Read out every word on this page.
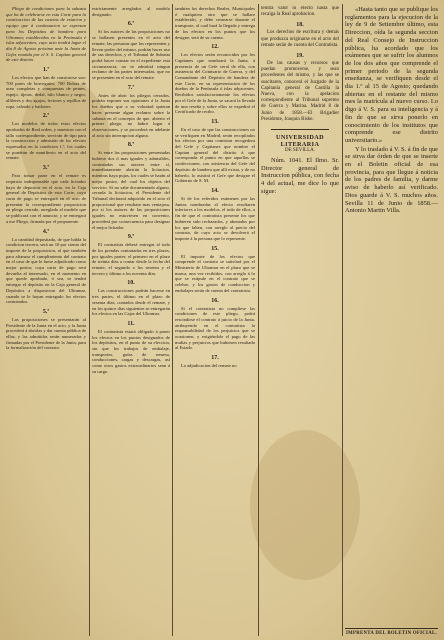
Pliego de condiciones para la subasta que ha de celebrarse en esta Corte para la construccion de las casetas de estacion y equipo que á continuacion se expresan para los Depósitos de bandera para Ultramar, establecidos en la Península é islas adyacentes, cuyo acto tendrá lugar el dia 8 de Agosto próximo ante la Junta de Gefes reunida por el S. S. Capitan general de este distrito.

1.ª

Los efectos que han de construirse son: 700 pares de borceguíes; 700 Bolsas de aseo completas y compuestas de peines, espejo, tijeras, dedal, hilo blanco y negro, alfileres y dos agujas; lectores y repillos de ropa, calzado y bailones.

2.ª

Los modelos de todos estos efectos aprobados de Real orden, y muestras con el tallo correspondiente, servirán de tipo para la construccion y admisión de los efectos expresados en la condicion 1.ª, los cuales se pondrán de manifiesto en el acto del remate.

3.ª

Para tomar parte en el remate es requisito indispensable que cada licitador haya de depositar en el acto, en la Caja general de Depósitos de esta Corte, cuyo carta de pago se entregará en el acto de presentar la correspondiente proposicion en pliego cerrado, arreglado al modelo que se publicará con el anuncio; y se entregará a ese Pliego, firmada por el proponente.

4.ª

La cantidad depositada, de que habla la condicion tercera, será un 10 por ciento del importe de la proposicion, al que también para afianzar el cumplimiento del contrato en el caso de que le fuese adjudicado como mejor postor, cuya carta de pago será devuelta al interesado, en el momento en que quede aprobado, ó sea, se tendrá entregar el depósito en la Caja general de Depósitos a disposicion del Ultramar, cuando se le hayan entregado los efectos contratados.

5.ª

Las proposiciones se presentarán al Presidente de la Junta en el acto, y la Junta procederá á abrirlas y dar cuenta pública de ellas; y las admitidas serán numeradas y firmadas por el Presidente de la Junta, para la formalización del contrato.

estrictamente arreglados al modelo designado.

6.ª

Si los autores de las proposiciones no se hallasen presentes en el acto del remate, las personas que los representen y lleven poder del mismo, podrán hacer uso de sus derechos, y el Tribunal de Subasta podrá hacer constar en el expediente esta circunstancia; no se admitirá ningun reclamo de las partes interesadas, que no se presenten en el acto del remate.

7.ª

Antes de abrir los pliegos cerrados, podrán exponer sus opiniones á la Junta los dueños que a su voluntad quieran hacer presente algun reclamo sobre la subasta en el concepto de que, abierto el primer pliego, no habrá lugar á observaciones, y se procederá en adelante al acto sin interrupcion alguna.

8.ª

Si entre las proposiciones presentadas hubiese dos ó mas iguales y admisibles, contratadas sus autores entre sí, inmediatamente abrirán la licitacion, mientras haya pujas, los cuales se harán al mejor postor, del cual los objetos del servicio. Si no sabe documentado alguno, cerrada la licitacion, el Presidente del Tribunal declarará adquirido en el acto el proporcional que resultase mas ventajosa, por si los autores de las proposiciones iguales no estuviesen en convenio, procederá por consecuencia para designar el mejor licitador.

9.ª

El contratista deberá entregar al todo de los prendas contratadas en tres plazos, por iguales partes: el primero en el plazo de treinta días a contar desde la fecha del remate; el segundo a los sesenta y el tercero y último a los noventa días.

10.

Las construcciones podrán hacerse en tres partes, el último en el plazo de sesenta días, contados desde el remate, y en los quince días siguientes se entregarán los efectos en las Cajas del Ultramar.

11.

El contratista estará obligado á poner los efectos en los puntos designados de los depósitos, en el punto de su eleccion, sin que los trabajos de embalaje, transportes, guías de remesa, conducciones, cargas y descargas, así como otros gastos extraordinarios sean á su cargo.

tambien los derechos Reales, Municipales ó cualquiera otro que se hallare establecido, y debe costearse durante el transporte, al cual hará la llegada y entrega de los efectos en los puntos que los designe, será de su cuenta.

12.

Los efectos serán reconocidos por los Capitanes que nombrará la Junta, á presencia de un Gefe veral de ella, con asistencia del Comisario de Guerra, y del Comandante del Depósito de bandera de este Corte, en su representacion de los dueños de la Península ó islas adyacentes. Recibidos satisfactoriamente los efectos por el Gefe de la Junta, se sacará la llevada de una reseña y sobre ellos se expedirá el Certificado de recibo.

13.

En el caso de que las construcciones no se verifiquen en Madrid, serán recopilados los efectos por una comision recogedora del Gefe y Capitanes que nombre el Capitan general del distrito á que corresponda el punto en que aquellas se confeccionen, con asistencia del Gefe del depósito de bandera que allí exista, y de no haberlo, lo asistirá el Gefe que designe el Gobierno de S. M.

14.

Si de los referidos exámenes por las Juntas nombradas al efecto resultaren inferiores a los modelos, el todo de ellos, a fin de que el contratista presente los que hubieren sido rechazados, y abonados por los que falten, con arreglo al precio del contrato, de cuyo acto se devolverá el importe á la persona que lo represente.

15.

El importe de los efectos que comprende el contrato se satisfará por el Ministerio de Ultramar en el plazo que se marca, una vez recibidos, con arreglo á lo que se estipule en el contrato que se celebre, y los gastos de conduccion y embalajes serán de cuenta del contratista.

16.

Si el contratista no cumpliese las condiciones de este pliego, podrá rescindirse el contrato á juicio de la Junta, atribuyendo en el contratista la responsabilidad de los perjuicios que se ocasionen, y exigiéndole el pago de las multas y perjuicios que hubiesen resultado al Estado.

17.

La adjudicacion del remate no

tendrá valor ni efecto hasta que recaiga la Real aprobacion.

18.

Los derechos de escritura y demás que produzca originarse en el acto del remate serán de cuenta del Contratista.

19.

De las causas y recursos que puedan promoverse, y sean procedentes del mismo, y las que se suscitaren, conocerá el Juzgado de la Capitanía general de Castilla la Nueva, con la apelacion correspondiente al Tribunal supremo de Guerra y Marina. Madrid 8 de Junio de 1858.—El Brigadier Presidente, Joaquin Bisbe.

UNIVERSIDAD LITERARIA
DE SEVILLA.

Núm. 1041. El Ilmo. Sr. Director general de Instruccion pública, con fecha 4 del actual, me dice lo que sigue:

«Hasta tanto que se publique los reglamentos para la ejecucion de la ley de 9 de Setiembre último, esta Direccion, oída la segunda seccion del Real Consejo de Instruccion pública, ha acordado que los exámenes que se sufrir los alumnos de los dos años que comprende el primer periodo de la segunda enseñanza, se verifiquen desde el dia 1.º al 15 de Agosto; quedando abiertas en el restante del mismo mes la matrícula al nuevo curso. Lo digo á V. S. para su inteligencia y á fin de que se sirva ponerlo en conocimiento de los institutos que comprende ese distrito universitario.»

Y lo traslado á V. S. á fin de que se sirva dar órden de que se inserte en el Boletin oficial de esa provincia, para que llegue á noticia de los padres de familia, y darme aviso de haberlo así verificado. Dios guarde á V. S. muchos años. Sevilla 11 de Junio de 1858.—Antonio Martin Villa.

IMPRENTA DEL BOLETIN OFICIAL.
